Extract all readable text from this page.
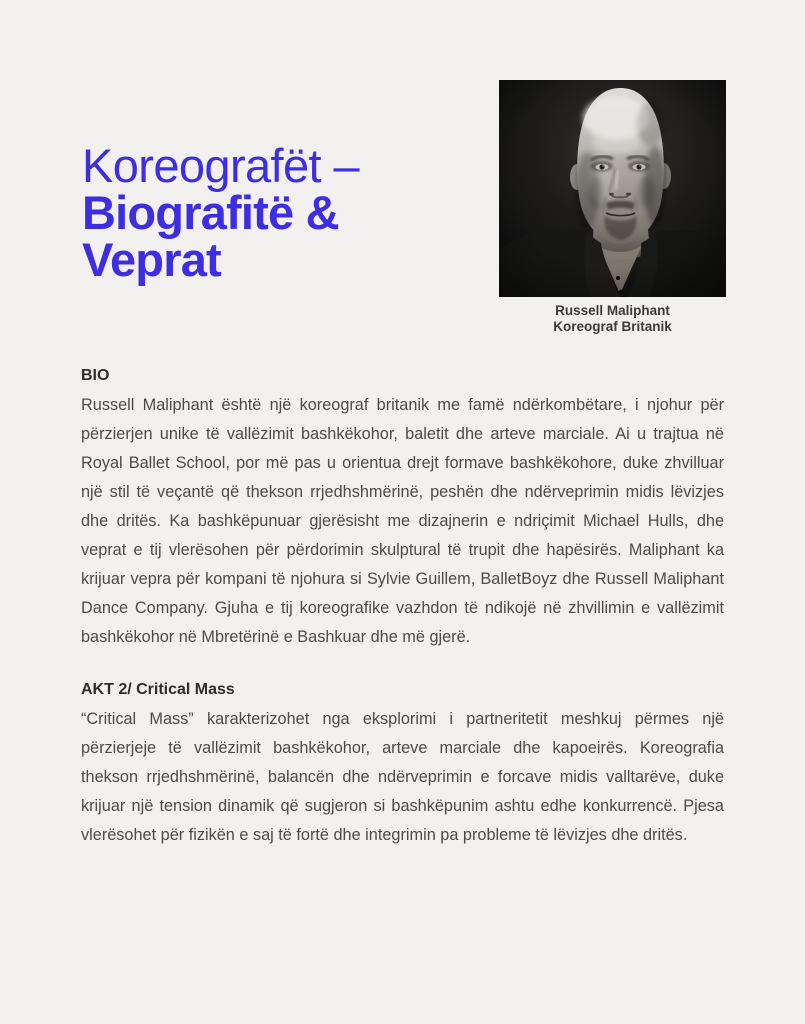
Koreografët –
Biografitë &
Veprat
Russell Maliphant
Koreograf Britanik
BIO

Russell Maliphant është një koreograf britanik me famë ndërkombëtare, i njohur për përzierjen unike të vallëzimit bashkëkohor, baletit dhe arteve marciale. Ai u trajtua në Royal Ballet School, por më pas u orientua drejt formave bashkëkohore, duke zhvilluar një stil të veçantë që thekson rrjedhshmërinë, peshën dhe ndërveprimin midis lëvizjes dhe dritës. Ka bashkëpunuar gjerësisht me dizajnerin e ndriçimit Michael Hulls, dhe veprat e tij vlerësohen për përdorimin skulptural të trupit dhe hapësirës. Maliphant ka krijuar vepra për kompani të njohura si Sylvie Guillem, BalletBoyz dhe Russell Maliphant Dance Company. Gjuha e tij koreografike vazhdon të ndikojë në zhvillimin e vallëzimit bashkëkohor në Mbretërinë e Bashkuar dhe më gjerë.

AKT 2/ Critical Mass

“Critical Mass” karakterizohet nga eksplorimi i partneritetit meshkuj përmes një përzierjeje të vallëzimit bashkëkohor, arteve marciale dhe kapoeirës. Koreografia thekson rrjedhshmërinë, balancën dhe ndërveprimin e forcave midis valltarëve, duke krijuar një tension dinamik që sugjeron si bashkëpunim ashtu edhe konkurrencë. Pjesa vlerësohet për fizikën e saj të fortë dhe integrimin pa probleme të lëvizjes dhe dritës.
